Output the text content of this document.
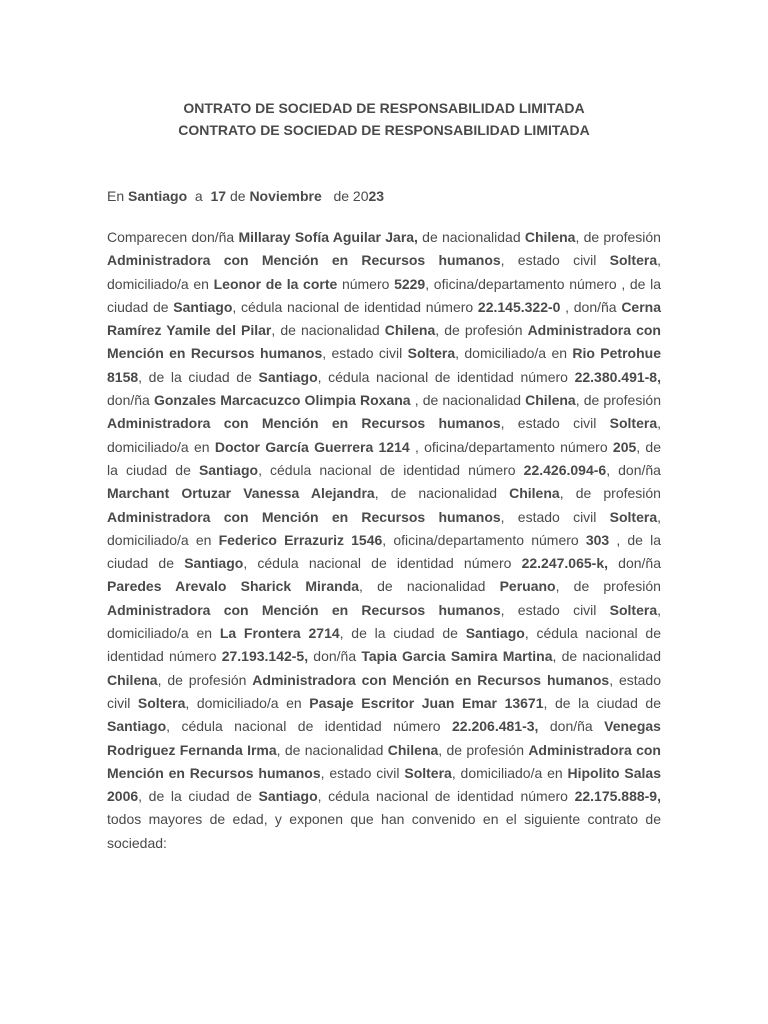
ONTRATO DE SOCIEDAD DE RESPONSABILIDAD LIMITADA
CONTRATO DE SOCIEDAD DE RESPONSABILIDAD LIMITADA
En Santiago  a  17 de Noviembre   de 2023
Comparecen don/ña Millaray Sofía Aguilar Jara, de nacionalidad Chilena, de profesión Administradora con Mención en Recursos humanos, estado civil Soltera, domiciliado/a en Leonor de la corte número 5229, oficina/departamento número , de la ciudad de Santiago, cédula nacional de identidad número 22.145.322-0 , don/ña Cerna Ramírez Yamile del Pilar, de nacionalidad Chilena, de profesión Administradora con Mención en Recursos humanos, estado civil Soltera, domiciliado/a en Rio Petrohue 8158, de la ciudad de Santiago, cédula nacional de identidad número 22.380.491-8, don/ña Gonzales Marcacuzco Olimpia Roxana , de nacionalidad Chilena, de profesión Administradora con Mención en Recursos humanos, estado civil Soltera, domiciliado/a en Doctor García Guerrera 1214 , oficina/departamento número 205, de la ciudad de Santiago, cédula nacional de identidad número 22.426.094-6, don/ña Marchant Ortuzar Vanessa Alejandra, de nacionalidad Chilena, de profesión Administradora con Mención en Recursos humanos, estado civil Soltera, domiciliado/a en Federico Errazuriz 1546, oficina/departamento número 303 , de la ciudad de Santiago, cédula nacional de identidad número 22.247.065-k, don/ña Paredes Arevalo Sharick Miranda, de nacionalidad Peruano, de profesión Administradora con Mención en Recursos humanos, estado civil Soltera, domiciliado/a en La Frontera 2714, de la ciudad de Santiago, cédula nacional de identidad número 27.193.142-5, don/ña Tapia Garcia Samira Martina, de nacionalidad Chilena, de profesión Administradora con Mención en Recursos humanos, estado civil Soltera, domiciliado/a en Pasaje Escritor Juan Emar 13671, de la ciudad de Santiago, cédula nacional de identidad número 22.206.481-3, don/ña Venegas Rodriguez Fernanda Irma, de nacionalidad Chilena, de profesión Administradora con Mención en Recursos humanos, estado civil Soltera, domiciliado/a en Hipolito Salas 2006, de la ciudad de Santiago, cédula nacional de identidad número 22.175.888-9, todos mayores de edad, y exponen que han convenido en el siguiente contrato de sociedad:
